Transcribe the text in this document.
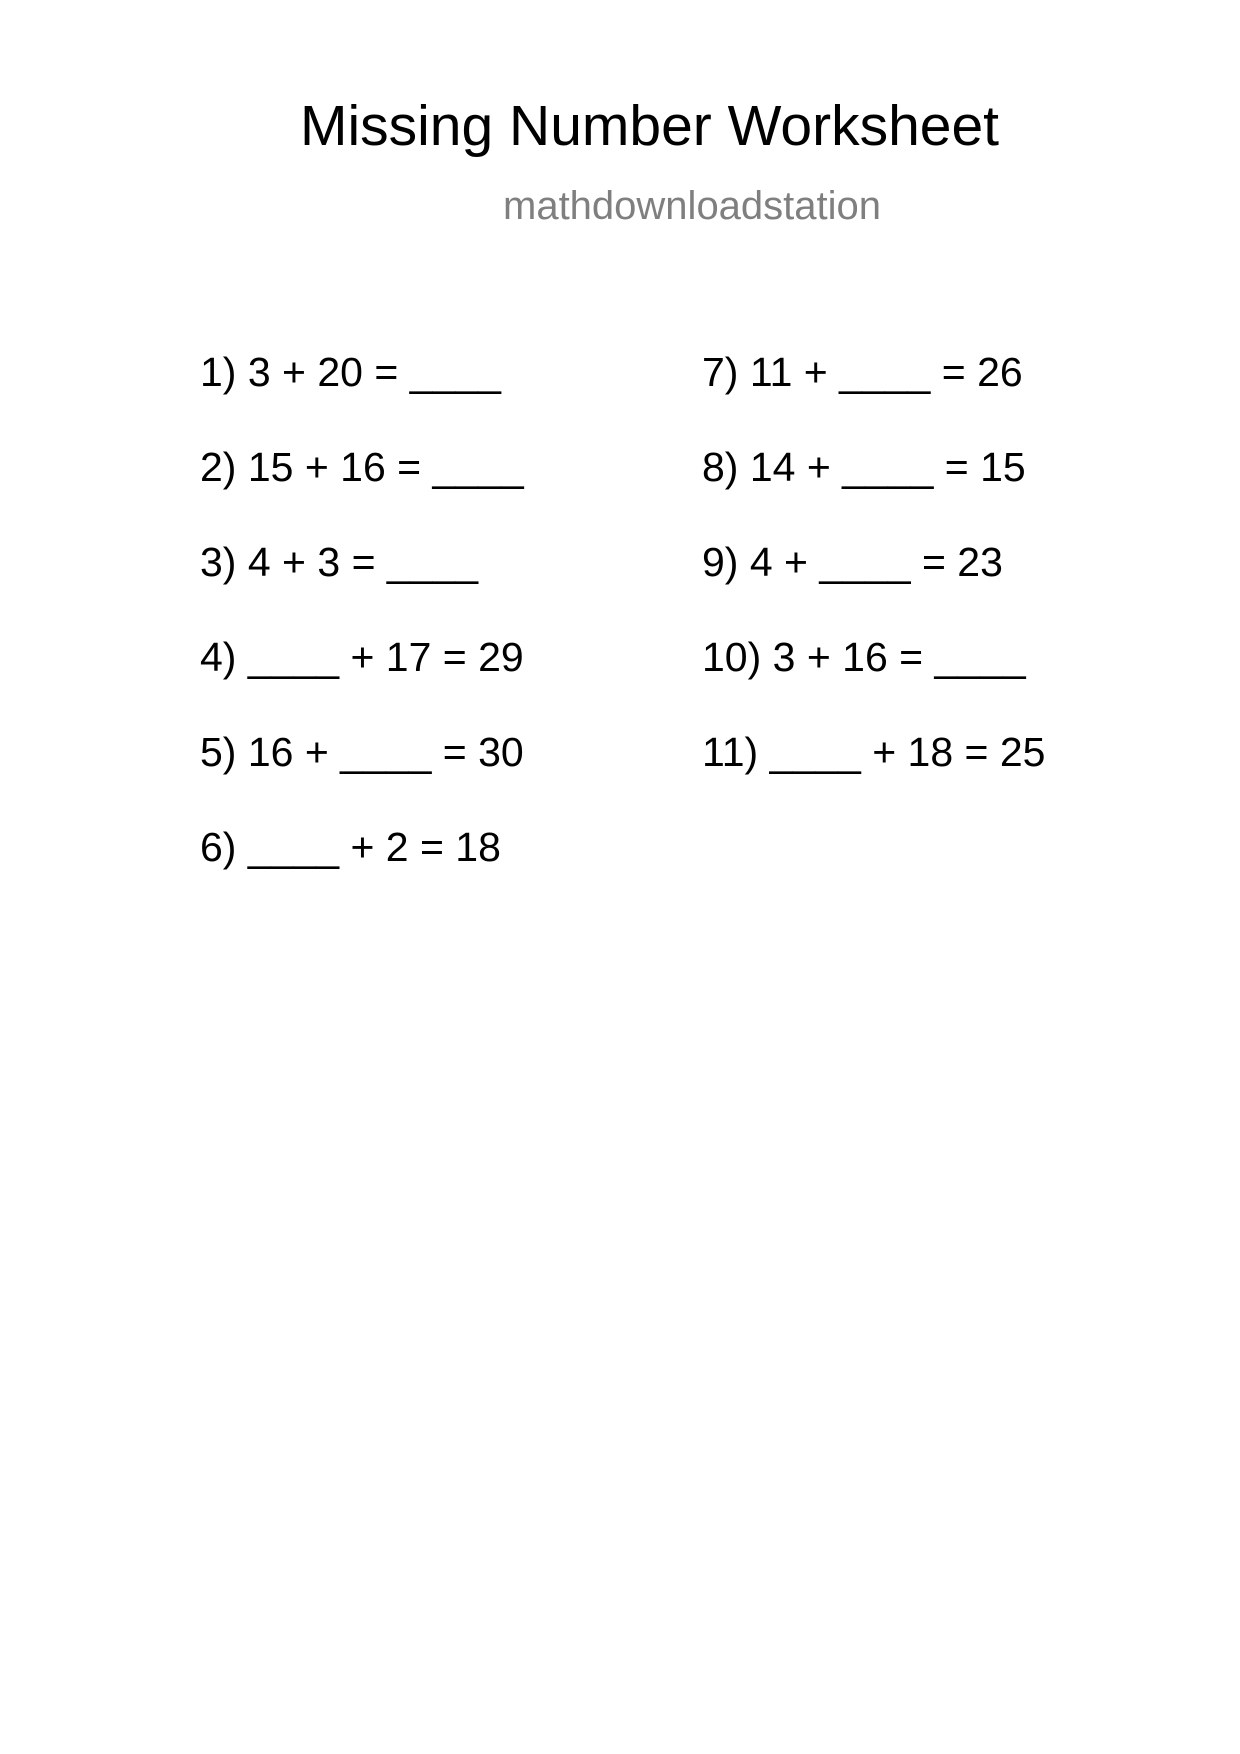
Missing Number Worksheet
mathdownloadstation
1) 3 + 20 = ____
2) 15 + 16 = ____
3) 4 + 3 = ____
4) ____ + 17 = 29
5) 16 + ____ = 30
6) ____ + 2 = 18
7) 11 + ____ = 26
8) 14 + ____ = 15
9) 4 + ____ = 23
10) 3 + 16 = ____
11) ____ + 18 = 25
